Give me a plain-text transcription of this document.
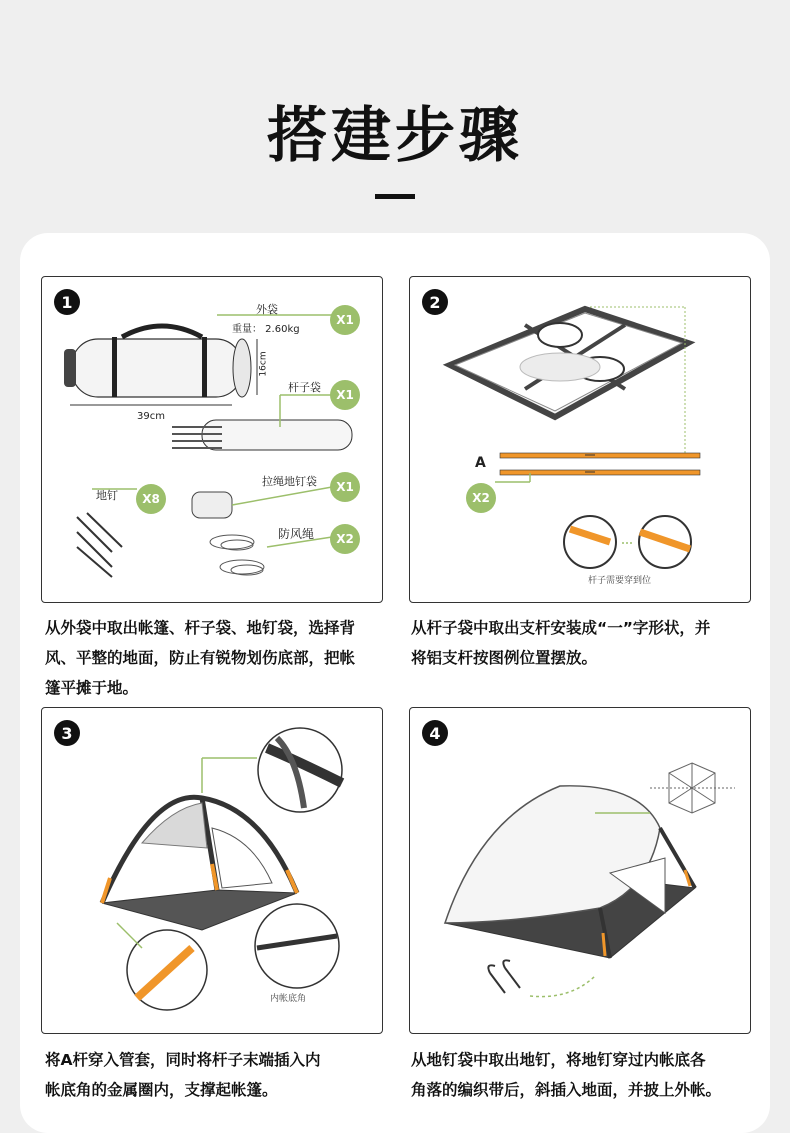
搭建步骤
1	外袋
重量： 2.60kg
16cm
39cm
X1
杆子袋
X1
拉绳地钉袋	X1
地钉	X8
防风绳	X2
从外袋中取出帐篷、杆子袋、地钉袋，选择背
风、平整的地面，防止有锐物划伤底部，把帐
篷平摊于地。
2
A
X2
杆子需要穿到位
从杆子袋中取出支杆安装成“一”字形状，并
将铝支杆按图例位置摆放。
3
内帐底角
将A杆穿入管套，同时将杆子末端插入内
帐底角的金属圈内，支撑起帐篷。
4
从地钉袋中取出地钉，将地钉穿过内帐底各
角落的编织带后，斜插入地面，并披上外帐。
